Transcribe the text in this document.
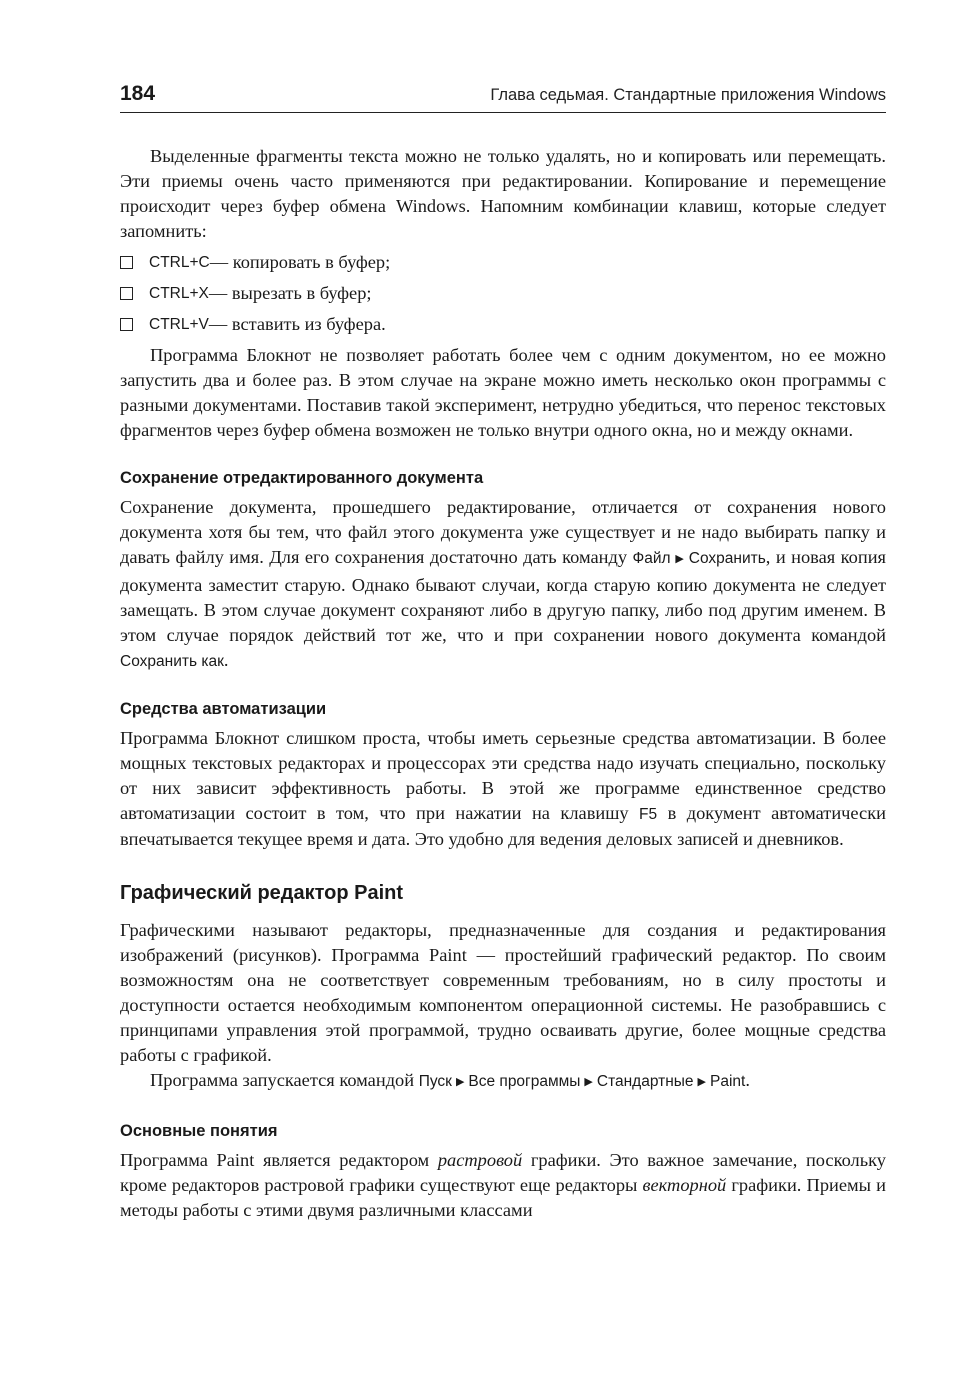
184	Глава седьмая. Стандартные приложения Windows

Выделенные фрагменты текста можно не только удалять, но и копировать или перемещать. Эти приемы очень часто применяются при редактировании. Копирование и перемещение происходит через буфер обмена Windows. Напомним комбинации клавиш, которые следует запомнить:

CTRL+C — копировать в буфер;
CTRL+X — вырезать в буфер;
CTRL+V — вставить из буфера.

Программа Блокнот не позволяет работать более чем с одним документом, но ее можно запустить два и более раз. В этом случае на экране можно иметь несколько окон программы с разными документами. Поставив такой эксперимент, нетрудно убедиться, что перенос текстовых фрагментов через буфер обмена возможен не только внутри одного окна, но и между окнами.

Сохранение отредактированного документа

Сохранение документа, прошедшего редактирование, отличается от сохранения нового документа хотя бы тем, что файл этого документа уже существует и не надо выбирать папку и давать файлу имя. Для его сохранения достаточно дать команду Файл ▶ Сохранить, и новая копия документа заместит старую. Однако бывают случаи, когда старую копию документа не следует замещать. В этом случае документ сохраняют либо в другую папку, либо под другим именем. В этом случае порядок действий тот же, что и при сохранении нового документа командой Сохранить как.

Средства автоматизации

Программа Блокнот слишком проста, чтобы иметь серьезные средства автоматизации. В более мощных текстовых редакторах и процессорах эти средства надо изучать специально, поскольку от них зависит эффективность работы. В этой же программе единственное средство автоматизации состоит в том, что при нажатии на клавишу F5 в документ автоматически впечатывается текущее время и дата. Это удобно для ведения деловых записей и дневников.

Графический редактор Paint

Графическими называют редакторы, предназначенные для создания и редактирования изображений (рисунков). Программа Paint — простейший графический редактор. По своим возможностям она не соответствует современным требованиям, но в силу простоты и доступности остается необходимым компонентом операционной системы. Не разобравшись с принципами управления этой программой, трудно осваивать другие, более мощные средства работы с графикой.

Программа запускается командой Пуск ▶ Все программы ▶ Стандартные ▶ Paint.

Основные понятия

Программа Paint является редактором растровой графики. Это важное замечание, поскольку кроме редакторов растровой графики существуют еще редакторы векторной графики. Приемы и методы работы с этими двумя различными классами
